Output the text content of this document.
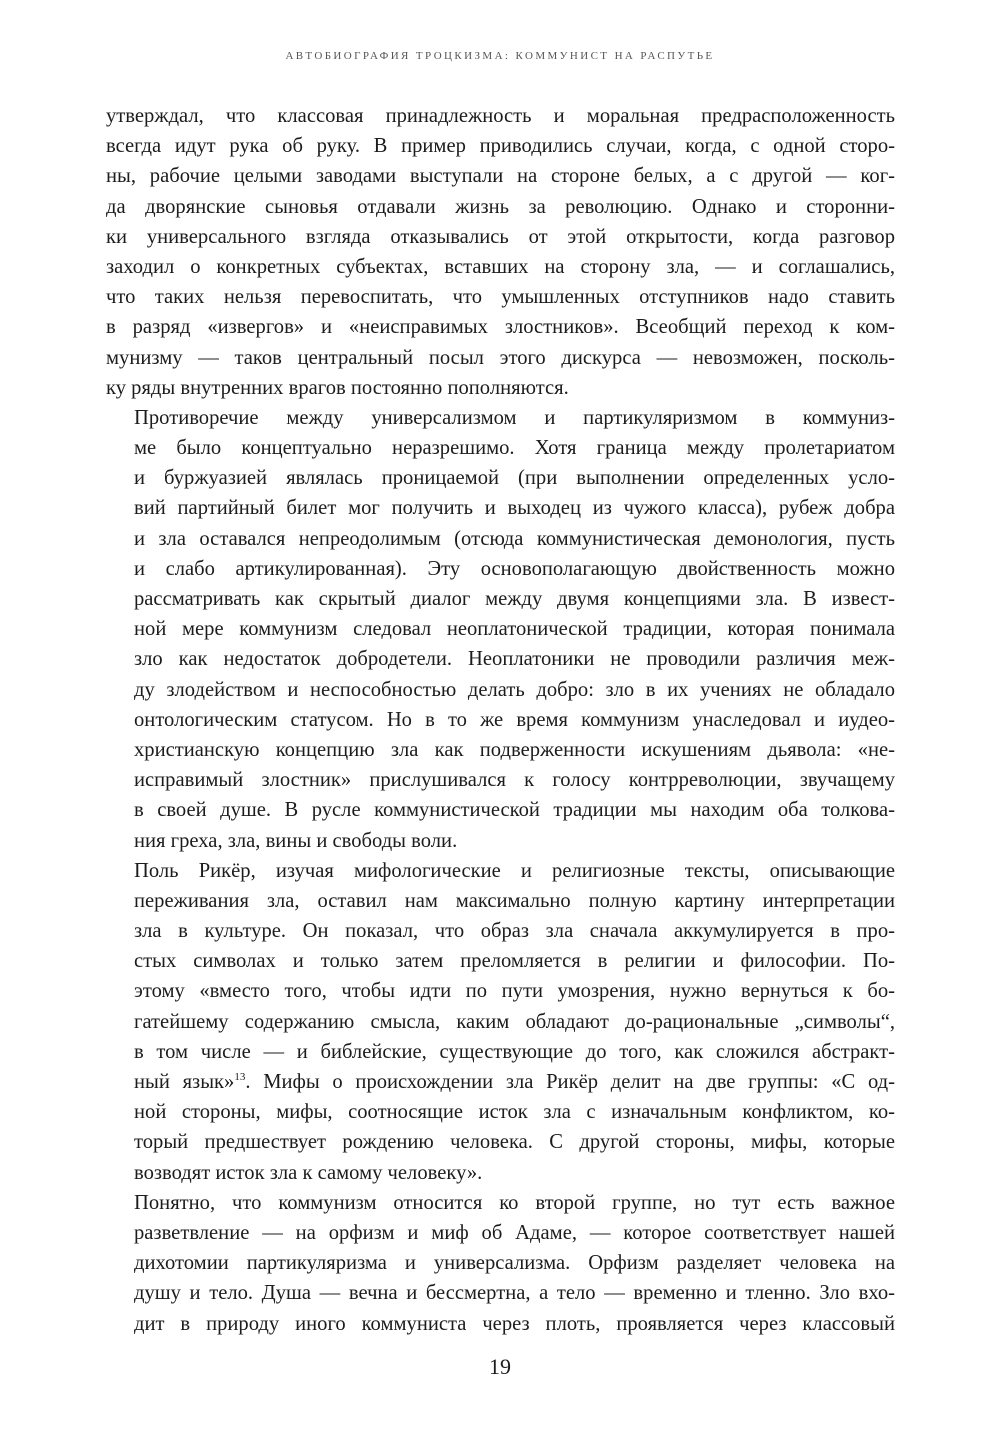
АВТОБИОГРАФИЯ ТРОЦКИЗМА: КОММУНИСТ НА РАСПУТЬЕ

утверждал, что классовая принадлежность и моральная предрасположенность
всегда идут рука об руку. В пример приводились случаи, когда, с одной сторо-
ны, рабочие целыми заводами выступали на стороне белых, а с другой — ког-
да дворянские сыновья отдавали жизнь за революцию. Однако и сторонни-
ки универсального взгляда отказывались от этой открытости, когда разговор
заходил о конкретных субъектах, вставших на сторону зла, — и соглашались,
что таких нельзя перевоспитать, что умышленных отступников надо ставить
в разряд «извергов» и «неисправимых злостников». Всеобщий переход к ком-
мунизму — таков центральный посыл этого дискурса — невозможен, посколь-
ку ряды внутренних врагов постоянно пополняются.

Противоречие между универсализмом и партикуляризмом в коммуниз-
ме было концептуально неразрешимо. Хотя граница между пролетариатом
и буржуазией являлась проницаемой (при выполнении определенных усло-
вий партийный билет мог получить и выходец из чужого класса), рубеж добра
и зла оставался непреодолимым (отсюда коммунистическая демонология, пусть
и слабо артикулированная). Эту основополагающую двойственность можно
рассматривать как скрытый диалог между двумя концепциями зла. В извест-
ной мере коммунизм следовал неоплатонической традиции, которая понимала
зло как недостаток добродетели. Неоплатоники не проводили различия меж-
ду злодейством и неспособностью делать добро: зло в их учениях не обладало
онтологическим статусом. Но в то же время коммунизм унаследовал и иудео-
христианскую концепцию зла как подверженности искушениям дьявола: «не-
исправимый злостник» прислушивался к голосу контрреволюции, звучащему
в своей душе. В русле коммунистической традиции мы находим оба толкова-
ния греха, зла, вины и свободы воли.

Поль Рикёр, изучая мифологические и религиозные тексты, описывающие
переживания зла, оставил нам максимально полную картину интерпретации
зла в культуре. Он показал, что образ зла сначала аккумулируется в про-
стых символах и только затем преломляется в религии и философии. По-
этому «вместо того, чтобы идти по пути умозрения, нужно вернуться к бо-
гатейшему содержанию смысла, каким обладают до-рациональные „символы“,
в том числе — и библейские, существующие до того, как сложился абстракт-
ный язык»$^{13}$. Мифы о происхождении зла Рикёр делит на две группы: «С од-
ной стороны, мифы, соотносящие исток зла с изначальным конфликтом, ко-
торый предшествует рождению человека. С другой стороны, мифы, которые
возводят исток зла к самому человеку».

Понятно, что коммунизм относится ко второй группе, но тут есть важное
разветвление — на орфизм и миф об Адаме, — которое соответствует нашей
дихотомии партикуляризма и универсализма. Орфизм разделяет человека на
душу и тело. Душа — вечна и бессмертна, а тело — временно и тленно. Зло вхо-
дит в природу иного коммуниста через плоть, проявляется через классовый

19
